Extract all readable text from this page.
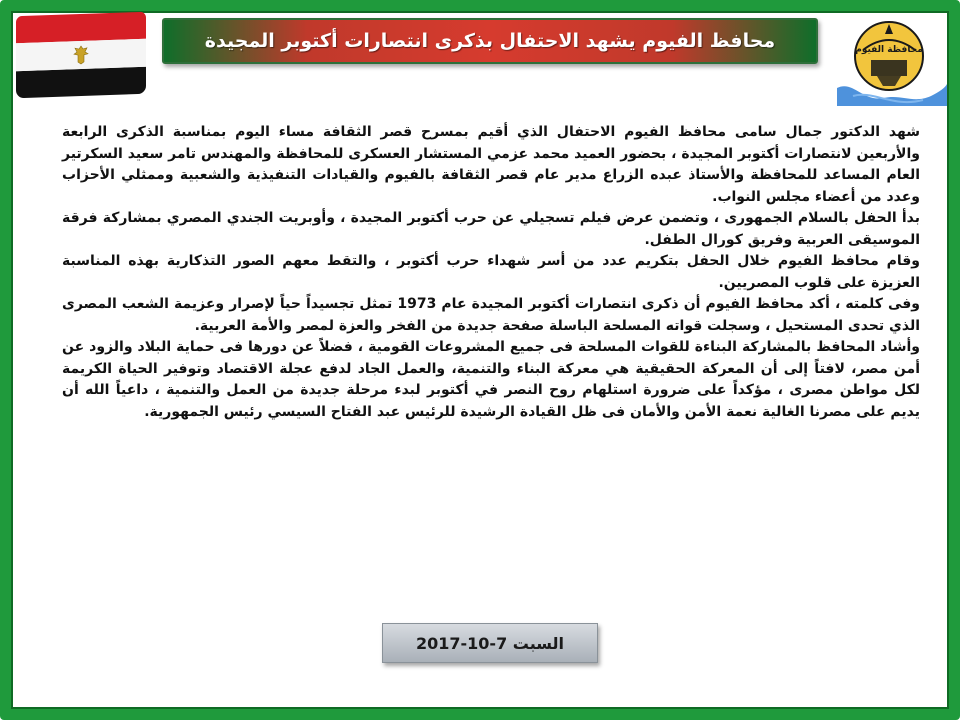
محافظ الفيوم يشهد الاحتفال بذكرى انتصارات أكتوبر المجيدة	محافظة الفيوم

شهد الدكتور جمال سامى محافظ الفيوم الاحتفال الذي أقيم بمسرح قصر الثقافة مساء اليوم بمناسبة الذكرى الرابعة والأربعين لانتصارات أكتوبر المجيدة ، بحضور العميد محمد عزمي المستشار العسكرى للمحافظة والمهندس تامر سعيد السكرتير العام المساعد للمحافظة والأستاذ عبده الزراع مدير عام قصر الثقافة بالفيوم والقيادات التنفيذية والشعبية وممثلي الأحزاب وعدد من أعضاء مجلس النواب.

بدأ الحفل بالسلام الجمهورى ، وتضمن عرض فيلم تسجيلي عن حرب أكتوبر المجيدة ، وأوبريت الجندي المصري بمشاركة فرقة الموسيقى العربية وفريق كورال الطفل.

وقام محافظ الفيوم خلال الحفل بتكريم عدد من أسر شهداء حرب أكتوبر ، والتقط معهم الصور التذكارية بهذه المناسبة العزيزة على قلوب المصريين.

وفى كلمته ، أكد محافظ الفيوم أن ذكرى انتصارات أكتوبر المجيدة عام 1973 تمثل تجسيداً حياً لإصرار وعزيمة الشعب المصرى الذي تحدى المستحيل ، وسجلت قواته المسلحة الباسلة صفحة جديدة من الفخر والعزة لمصر والأمة العربية.

وأشاد المحافظ بالمشاركة البناءة للقوات المسلحة فى جميع المشروعات القومية ، فضلاً عن دورها فى حماية البلاد والزود عن أمن مصر، لافتاً إلى أن المعركة الحقيقية هي معركة البناء والتنمية، والعمل الجاد لدفع عجلة الاقتصاد وتوفير الحياة الكريمة لكل مواطن مصرى ، مؤكداً على ضرورة استلهام روح النصر في أكتوبر لبدء مرحلة جديدة من العمل والتنمية ، داعياً الله أن يديم على مصرنا الغالية نعمة الأمن والأمان فى ظل القيادة الرشيدة للرئيس عبد الفتاح السيسي رئيس الجمهورية.

السبت 7-10-2017
